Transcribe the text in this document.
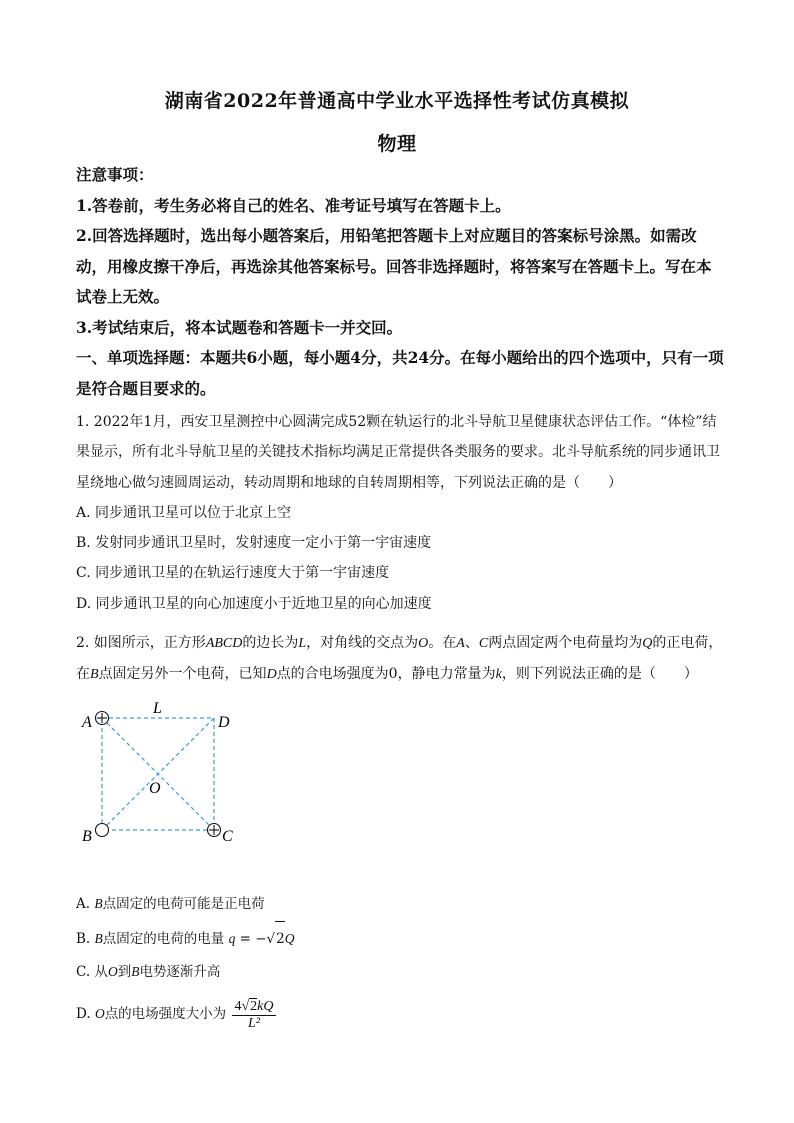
湖南省2022年普通高中学业水平选择性考试仿真模拟
物理

注意事项：

1.答卷前，考生务必将自己的姓名、准考证号填写在答题卡上。

2.回答选择题时，选出每小题答案后，用铅笔把答题卡上对应题目的答案标号涂黑。如需改动，用橡皮擦干净后，再选涂其他答案标号。回答非选择题时，将答案写在答题卡上。写在本试卷上无效。

3.考试结束后，将本试题卷和答题卡一并交回。

一、单项选择题：本题共6小题，每小题4分，共24分。在每小题给出的四个选项中，只有一项是符合题目要求的。

1. 2022年1月，西安卫星测控中心圆满完成52颗在轨运行的北斗导航卫星健康状态评估工作。“体检”结果显示，所有北斗导航卫星的关键技术指标均满足正常提供各类服务的要求。北斗导航系统的同步通讯卫星绕地心做匀速圆周运动，转动周期和地球的自转周期相等，下列说法正确的是（　　）

A. 同步通讯卫星可以位于北京上空

B. 发射同步通讯卫星时，发射速度一定小于第一宇宙速度

C. 同步通讯卫星的在轨运行速度大于第一宇宙速度

D. 同步通讯卫星的向心加速度小于近地卫星的向心加速度

2. 如图所示，正方形ABCD的边长为L，对角线的交点为O。在A、C两点固定两个电荷量均为Q的正电荷，在B点固定另外一个电荷，已知D点的合电场强度为0，静电力常量为k，则下列说法正确的是（　　）

A	D
L
O
B	C
A. B点固定的电荷可能是正电荷
B. B点固定的电荷的电量 q = −√2Q
C. 从O到B电势逐渐升高
D. O点的电场强度大小为 $\frac{4√2kQ}{\text{L²}}$
